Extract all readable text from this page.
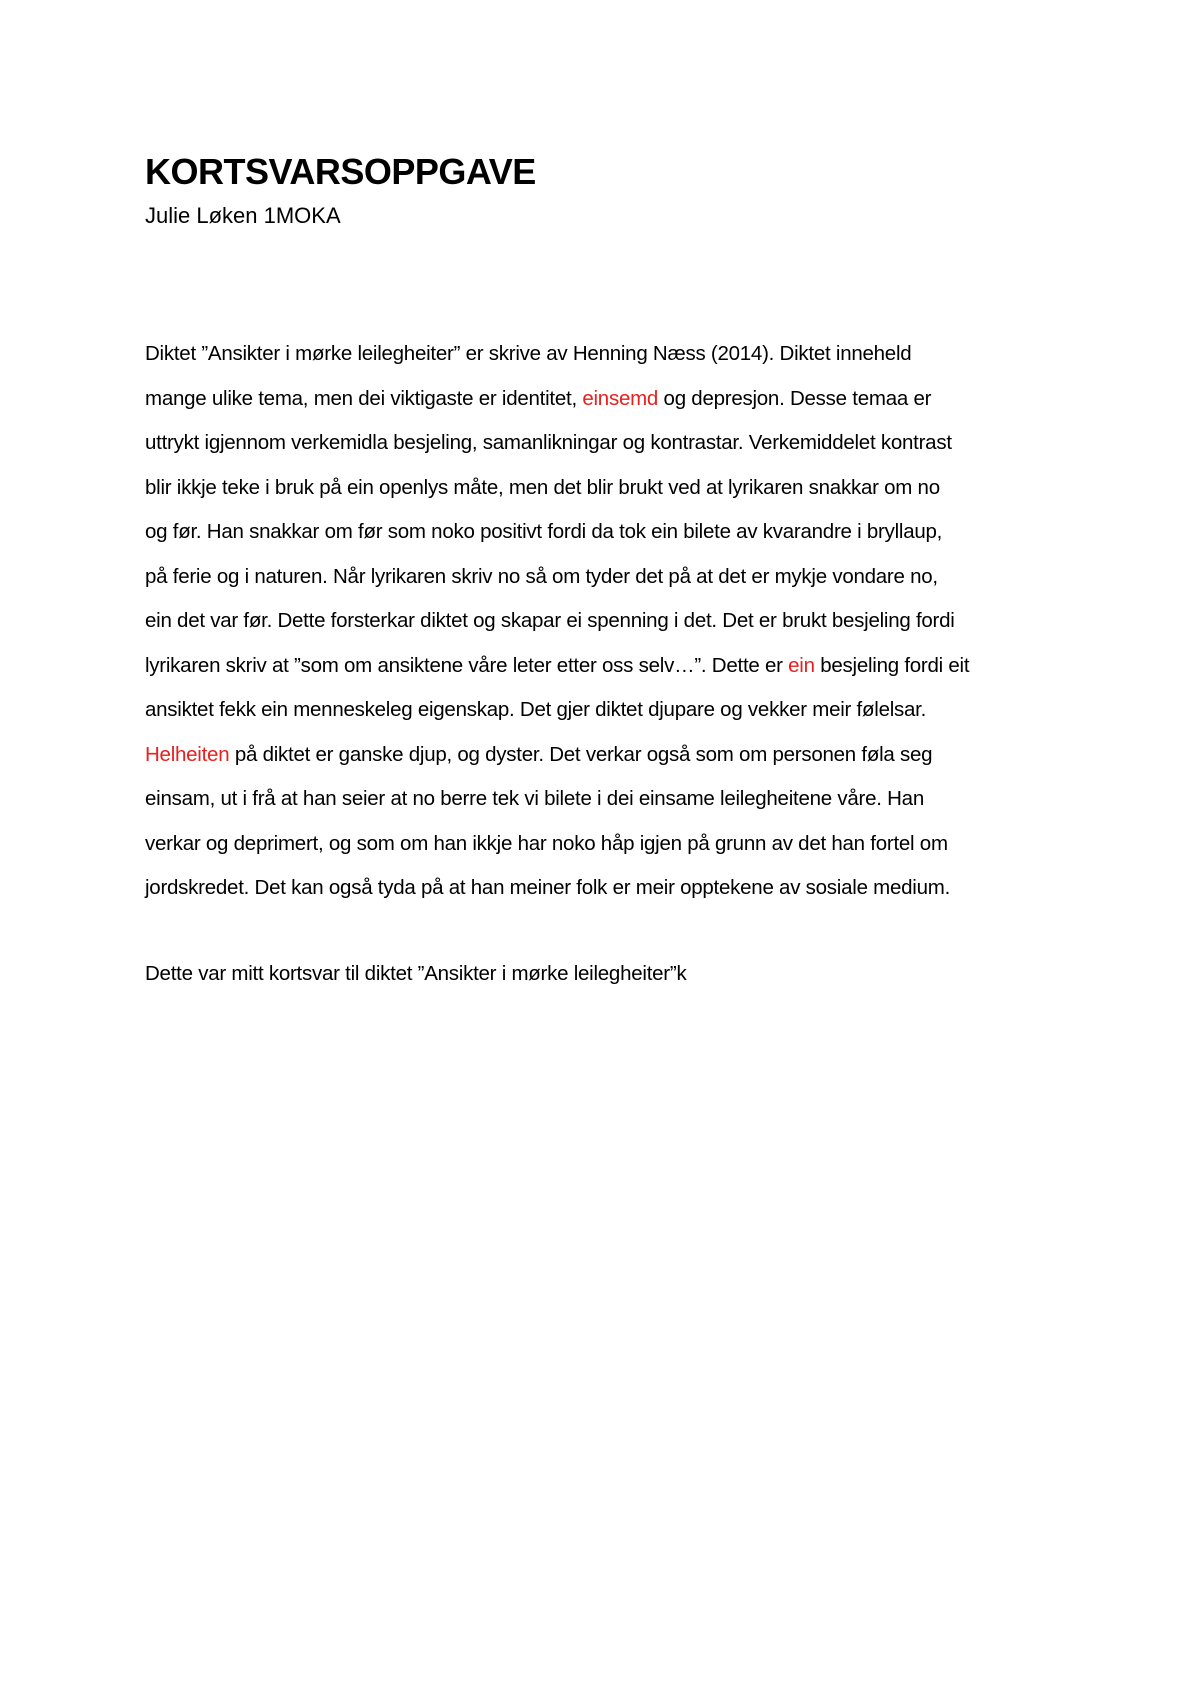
KORTSVARSOPPGAVE

Julie Løken 1MOKA

Diktet ”Ansikter i mørke leilegheiter” er skrive av Henning Næss (2014). Diktet inneheld
mange ulike tema, men dei viktigaste er identitet, einsemd og depresjon. Desse temaa er
uttrykt igjennom verkemidla besjeling, samanlikningar og kontrastar. Verkemiddelet kontrast
blir ikkje teke i bruk på ein openlys måte, men det blir brukt ved at lyrikaren snakkar om no
og før. Han snakkar om før som noko positivt fordi da tok ein bilete av kvarandre i bryllaup,
på ferie og i naturen. Når lyrikaren skriv no så om tyder det på at det er mykje vondare no,
ein det var før. Dette forsterkar diktet og skapar ei spenning i det. Det er brukt besjeling fordi
lyrikaren skriv at ”som om ansiktene våre leter etter oss selv…”. Dette er ein besjeling fordi eit
ansiktet fekk ein menneskeleg eigenskap. Det gjer diktet djupare og vekker meir følelsar.
Helheiten på diktet er ganske djup, og dyster. Det verkar også som om personen føla seg
einsam, ut i frå at han seier at no berre tek vi bilete i dei einsame leilegheitene våre. Han
verkar og deprimert, og som om han ikkje har noko håp igjen på grunn av det han fortel om
jordskredet. Det kan også tyda på at han meiner folk er meir opptekene av sosiale medium.
Dette var mitt kortsvar til diktet ”Ansikter i mørke leilegheiter”k
